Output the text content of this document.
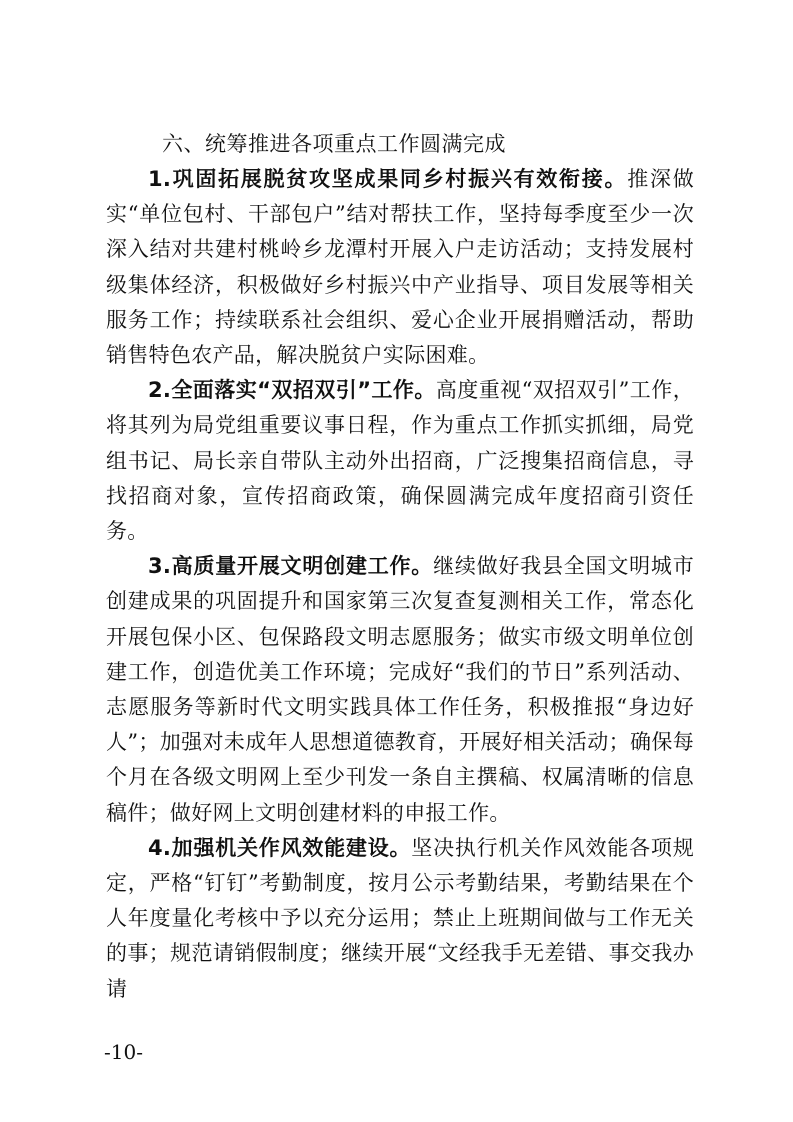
六、统筹推进各项重点工作圆满完成

1.巩固拓展脱贫攻坚成果同乡村振兴有效衔接。推深做实“单位包村、干部包户”结对帮扶工作，坚持每季度至少一次深入结对共建村桃岭乡龙潭村开展入户走访活动；支持发展村级集体经济，积极做好乡村振兴中产业指导、项目发展等相关服务工作；持续联系社会组织、爱心企业开展捐赠活动，帮助销售特色农产品，解决脱贫户实际困难。

2.全面落实“双招双引”工作。高度重视“双招双引”工作，将其列为局党组重要议事日程，作为重点工作抓实抓细，局党组书记、局长亲自带队主动外出招商，广泛搜集招商信息，寻找招商对象，宣传招商政策，确保圆满完成年度招商引资任务。

3.高质量开展文明创建工作。继续做好我县全国文明城市创建成果的巩固提升和国家第三次复查复测相关工作，常态化开展包保小区、包保路段文明志愿服务；做实市级文明单位创建工作，创造优美工作环境；完成好“我们的节日”系列活动、志愿服务等新时代文明实践具体工作任务，积极推报“身边好人”；加强对未成年人思想道德教育，开展好相关活动；确保每个月在各级文明网上至少刊发一条自主撰稿、权属清晰的信息稿件；做好网上文明创建材料的申报工作。

4.加强机关作风效能建设。坚决执行机关作风效能各项规定，严格“钉钉”考勤制度，按月公示考勤结果，考勤结果在个人年度量化考核中予以充分运用；禁止上班期间做与工作无关的事；规范请销假制度；继续开展“文经我手无差错、事交我办请

-10-
